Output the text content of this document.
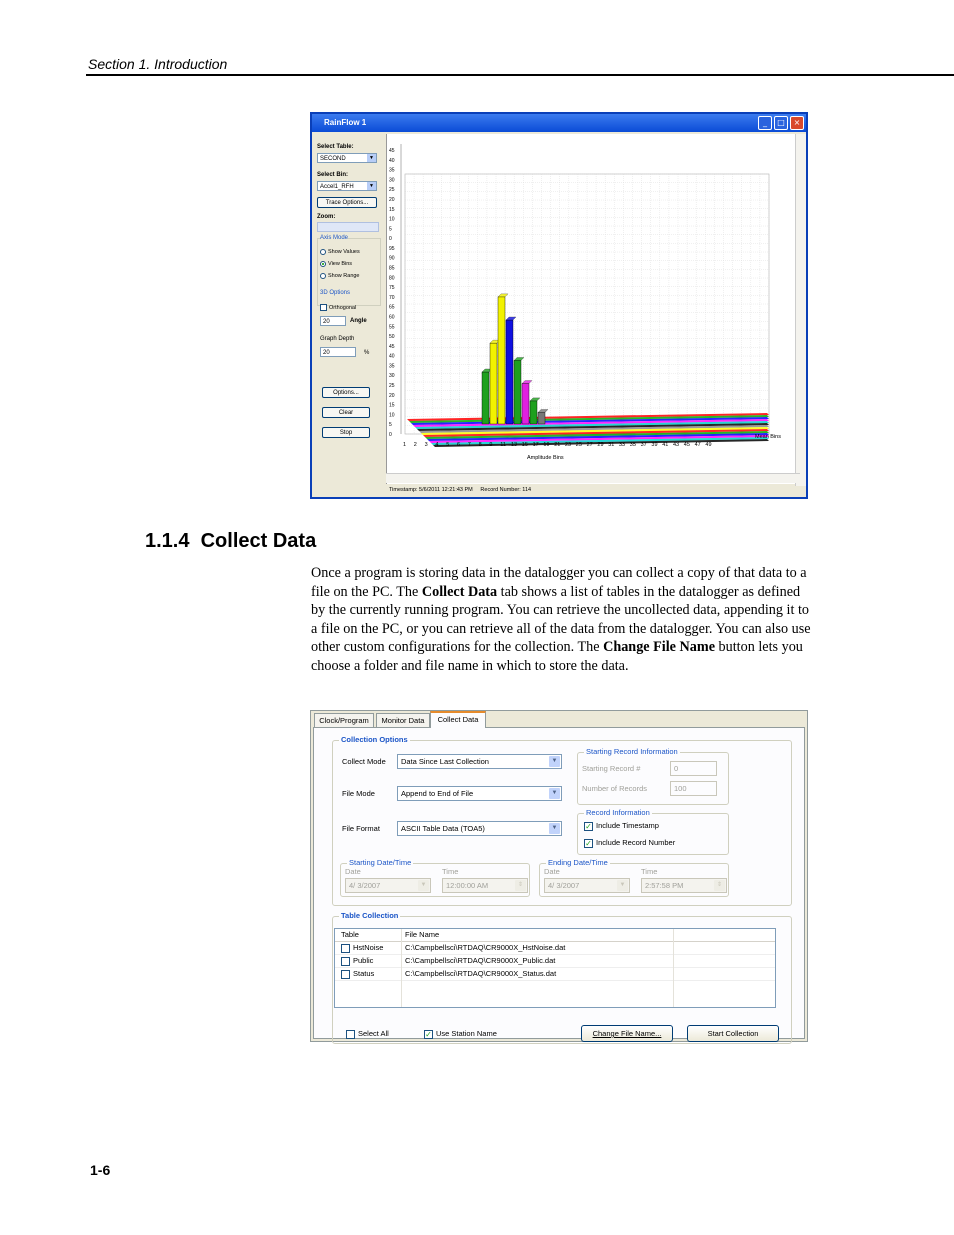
Section 1. Introduction
RainFlow 1	_	□	×
Select Table:
SECOND	▼
Select Bin:
Accel1_RFH	▼
Trace Options...
Zoom:
Axis Mode
Show Values
View Bins
Show Range
3D Options
Orthogonal
20	Angle
Graph Depth
20	%
Options...
Clear
Stop
45
40
35
30
25
20
15
10
5
0
95
90
85
80
75
70
65
60
55
50
45
40
35
30
25
20
15
10
5
0
1 2 3 4 5 6 7 8 9 11 13 15 17 19 21 23 25 27 29 31 33 35 37 39 41 43 45 47 49
Amplitude Bins
Mean Bins
Timestamp: 5/6/2011 12:21:43 PM Record Number: 114
1.1.4 Collect Data
Once a program is storing data in the datalogger you can collect a copy of that data to a file on the PC. The Collect Data tab shows a list of tables in the datalogger as defined by the currently running program. You can retrieve the uncollected data, appending it to a file on the PC, or you can retrieve all of the data from the datalogger. You can also use other custom configurations for the collection. The Change File Name button lets you choose a folder and file name in which to store the data.
Clock/Program	Monitor Data	Collect Data
Collection Options
Collect Mode	Data Since Last Collection	▼
File Mode	Append to End of File	▼
File Format	ASCII Table Data (TOA5)	▼
Starting Record Information
Starting Record #	0
Number of Records	100
Record Information
✓ Include Timestamp
✓ Include Record Number
Starting Date/Time
Date	Time
4/ 3/2007	▼	12:00:00 AM	⇕
Ending Date/Time
Date	Time
4/ 3/2007	▼	2:57:58 PM	⇕
Table Collection
Table	File Name
HstNoise	C:\Campbellsci\RTDAQ\CR9000X_HstNoise.dat
Public	C:\Campbellsci\RTDAQ\CR9000X_Public.dat
Status	C:\Campbellsci\RTDAQ\CR9000X_Status.dat
Select All	✓ Use Station Name	Change File Name...	Start Collection
1-6
